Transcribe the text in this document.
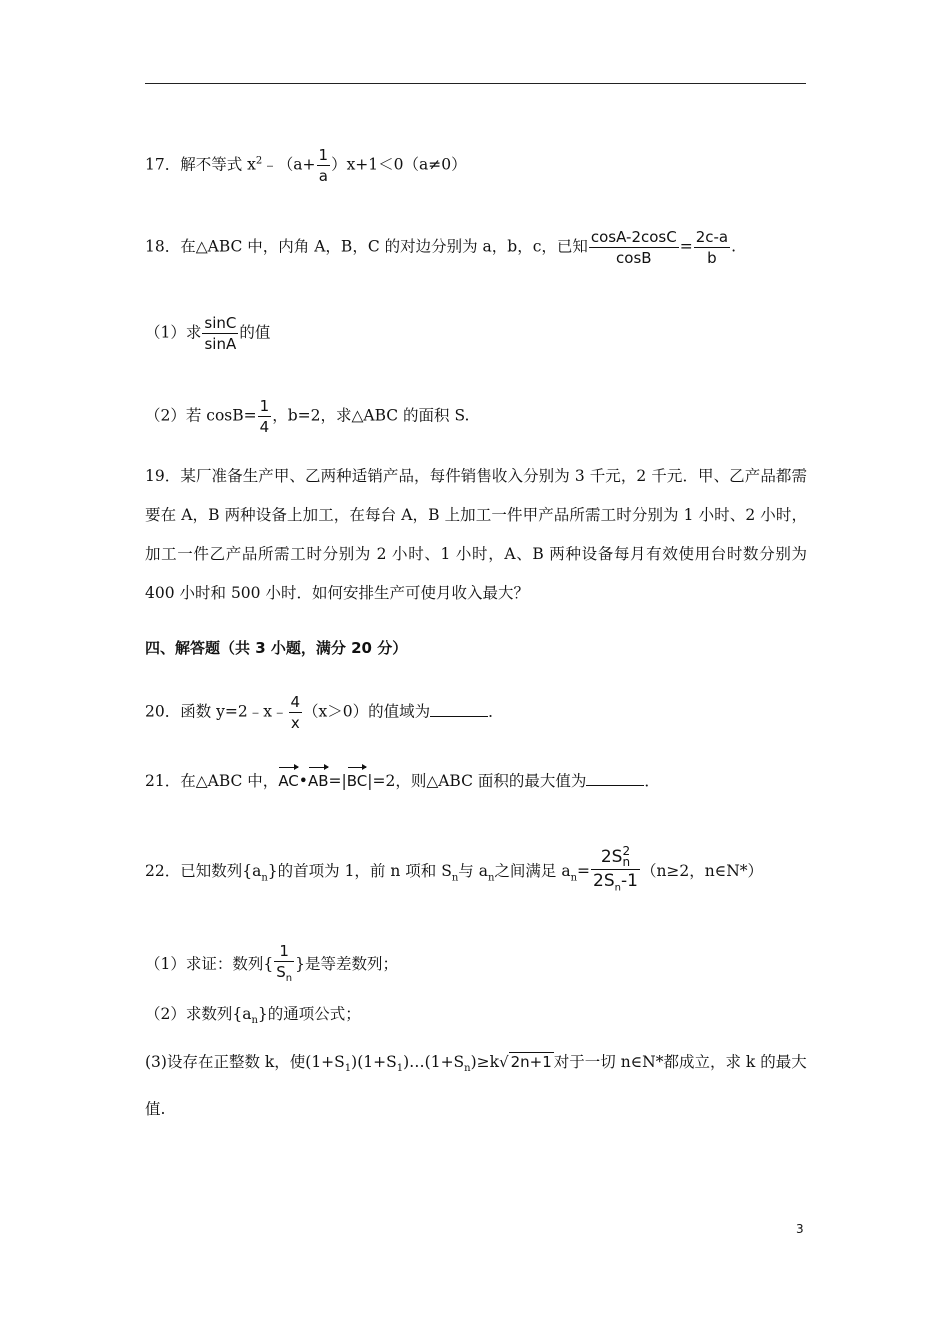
17．解不等式 $x^2﹣(a+ \frac{1}{a} )x+1<0(a\ne 0)$
18．在△ABC 中，内角 A，B，C 的对边分别为 a，b，c，已知 $\frac{\cos A-2\cos C}{\cos B} = \frac{2c-a}{b}$ .
（1）求 $\frac{\sin C}{\sin A}$ 的值
（2）若 $\cos B= \frac{1}{4}$ ，b=2，求△ABC 的面积 S.
19．某厂准备生产甲、乙两种适销产品，每件销售收入分别为 3 千元，2 千元．甲、乙产品都需要在 A，B 两种设备上加工，在每台 A，B 上加工一件甲产品所需工时分别为 1 小时、2 小时，加工一件乙产品所需工时分别为 2 小时、1 小时，A、B 两种设备每月有效使用台时数分别为 400 小时和 500 小时．如何安排生产可使月收入最大？
四、解答题（共 3 小题，满分 20 分）
20．函数 y=2﹣x﹣ $\frac{4}{x} (x>0)$的值域为	．
21．在△ABC 中，AC•AB=|BC|=2，则△ABC 面积的最大值为	．
22．已知数列$\{a_n\}$的首项为 1，前 n 项和 $S_n$与 $a_n$之间满足 $a_n= 2S$ 2
n
$2S_n-1$ （n≥2，n∈N*）
（1）求证：数列{ $\frac{1}{S_n}$ }是等差数列；
（2）求数列$\{a_n\}$的通项公式；
(3)设存在正整数 k，使$(1+S_1)(1+S_1)\dots(1+S_n)\ge k√$ 2n+1 对于一切 n∈N*都成立，求 k 的最大
值.
3
